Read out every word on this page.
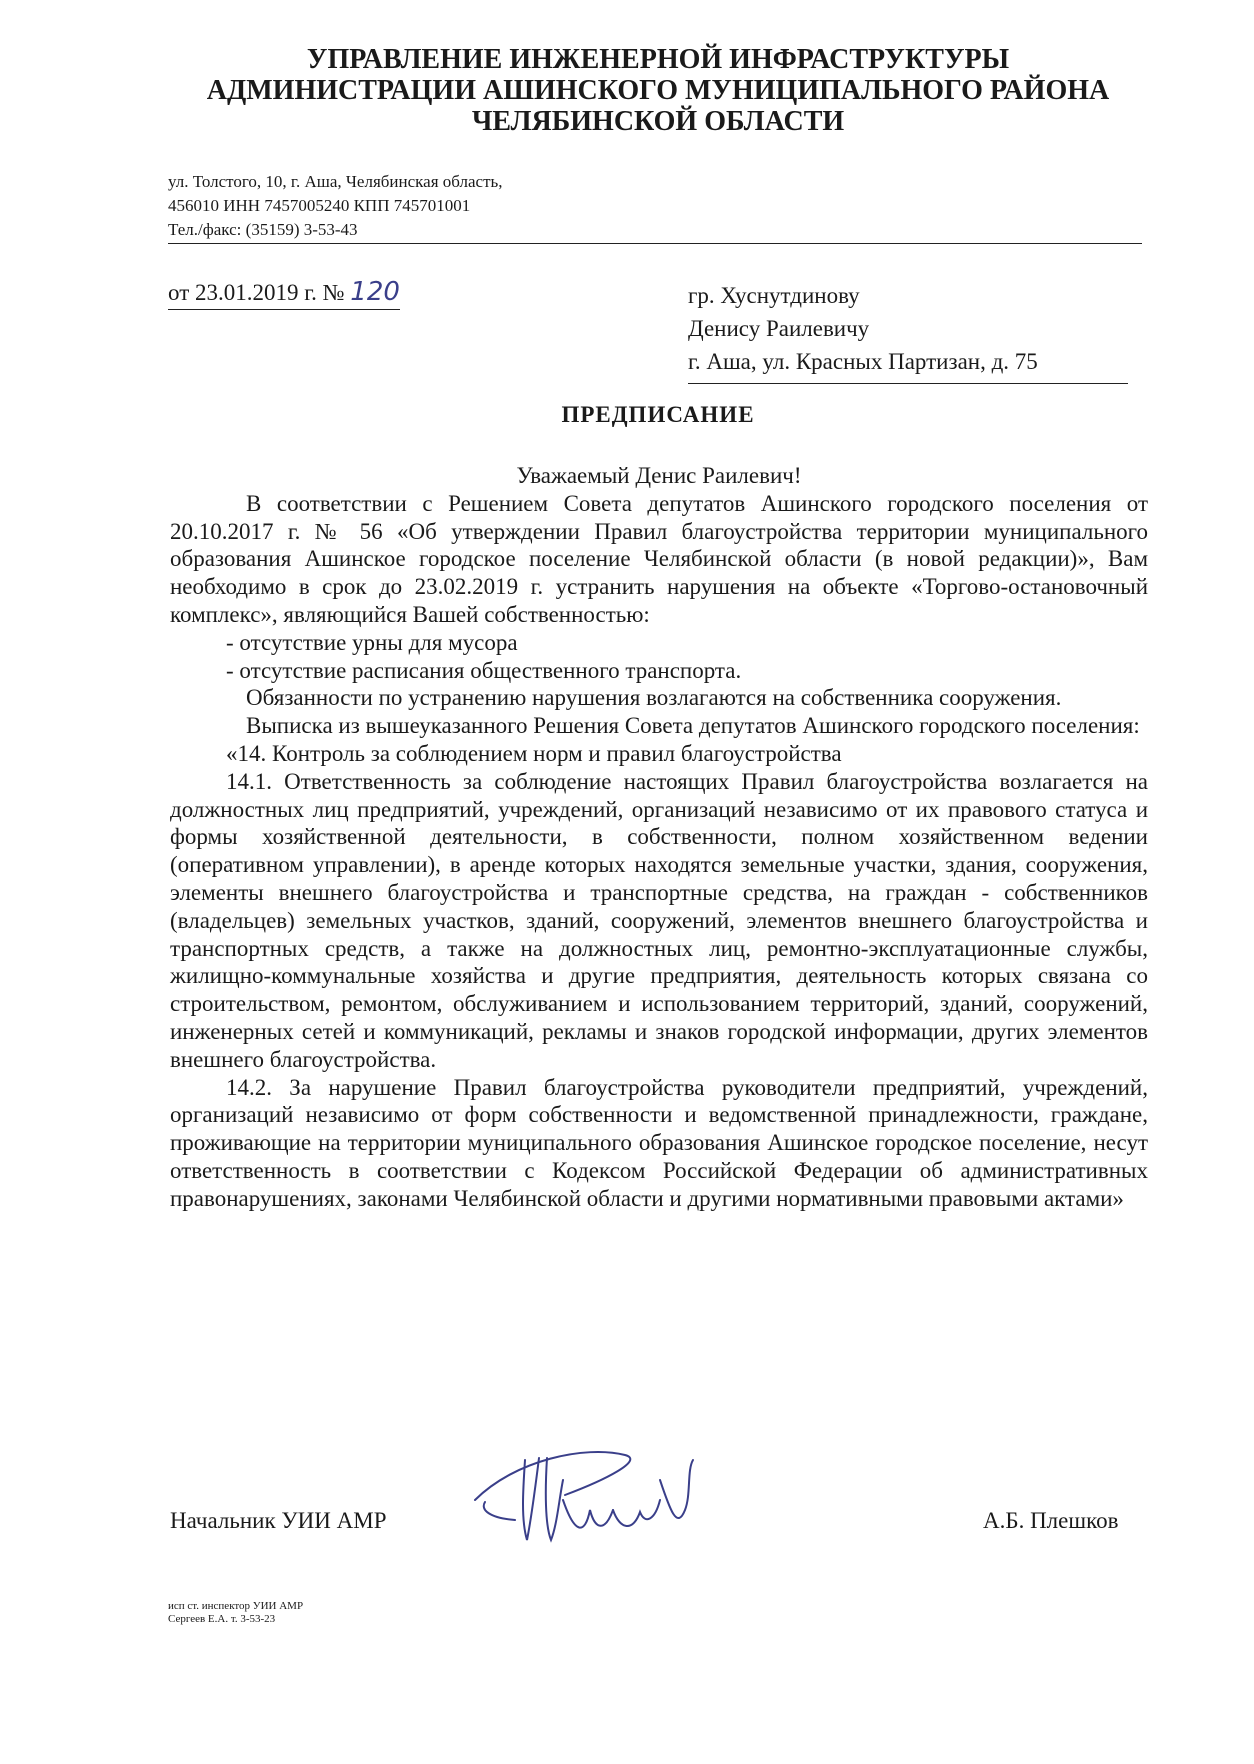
УПРАВЛЕНИЕ ИНЖЕНЕРНОЙ ИНФРАСТРУКТУРЫ
АДМИНИСТРАЦИИ АШИНСКОГО МУНИЦИПАЛЬНОГО РАЙОНА
ЧЕЛЯБИНСКОЙ ОБЛАСТИ
ул. Толстого, 10, г. Аша, Челябинская область,
456010 ИНН 7457005240 КПП 745701001
Тел./факс: (35159) 3-53-43
от 23.01.2019 г. № 120	гр. Хуснутдинову
Денису Раилевичу
г. Аша, ул. Красных Партизан, д. 75
ПРЕДПИСАНИЕ

Уважаемый Денис Раилевич!

В соответствии с Решением Совета депутатов Ашинского городского поселения от 20.10.2017 г. № 56 «Об утверждении Правил благоустройства территории муниципального образования Ашинское городское поселение Челябинской области (в новой редакции)», Вам необходимо в срок до 23.02.2019 г. устранить нарушения на объекте «Торгово-остановочный комплекс», являющийся Вашей собственностью:

- отсутствие урны для мусора

- отсутствие расписания общественного транспорта.

Обязанности по устранению нарушения возлагаются на собственника сооружения.

Выписка из вышеуказанного Решения Совета депутатов Ашинского городского поселения:

«14. Контроль за соблюдением норм и правил благоустройства

14.1. Ответственность за соблюдение настоящих Правил благоустройства возлагается на должностных лиц предприятий, учреждений, организаций независимо от их правового статуса и формы хозяйственной деятельности, в собственности, полном хозяйственном ведении (оперативном управлении), в аренде которых находятся земельные участки, здания, сооружения, элементы внешнего благоустройства и транспортные средства, на граждан - собственников (владельцев) земельных участков, зданий, сооружений, элементов внешнего благоустройства и транспортных средств, а также на должностных лиц, ремонтно-эксплуатационные службы, жилищно-коммунальные хозяйства и другие предприятия, деятельность которых связана со строительством, ремонтом, обслуживанием и использованием территорий, зданий, сооружений, инженерных сетей и коммуникаций, рекламы и знаков городской информации, других элементов внешнего благоустройства.

14.2. За нарушение Правил благоустройства руководители предприятий, учреждений, организаций независимо от форм собственности и ведомственной принадлежности, граждане, проживающие на территории муниципального образования Ашинское городское поселение, несут ответственность в соответствии с Кодексом Российской Федерации об административных правонарушениях, законами Челябинской области и другими нормативными правовыми актами»

Начальник УИИ АМР	А.Б. Плешков
исп ст. инспектор УИИ АМР
Сергеев Е.А. т. 3-53-23
